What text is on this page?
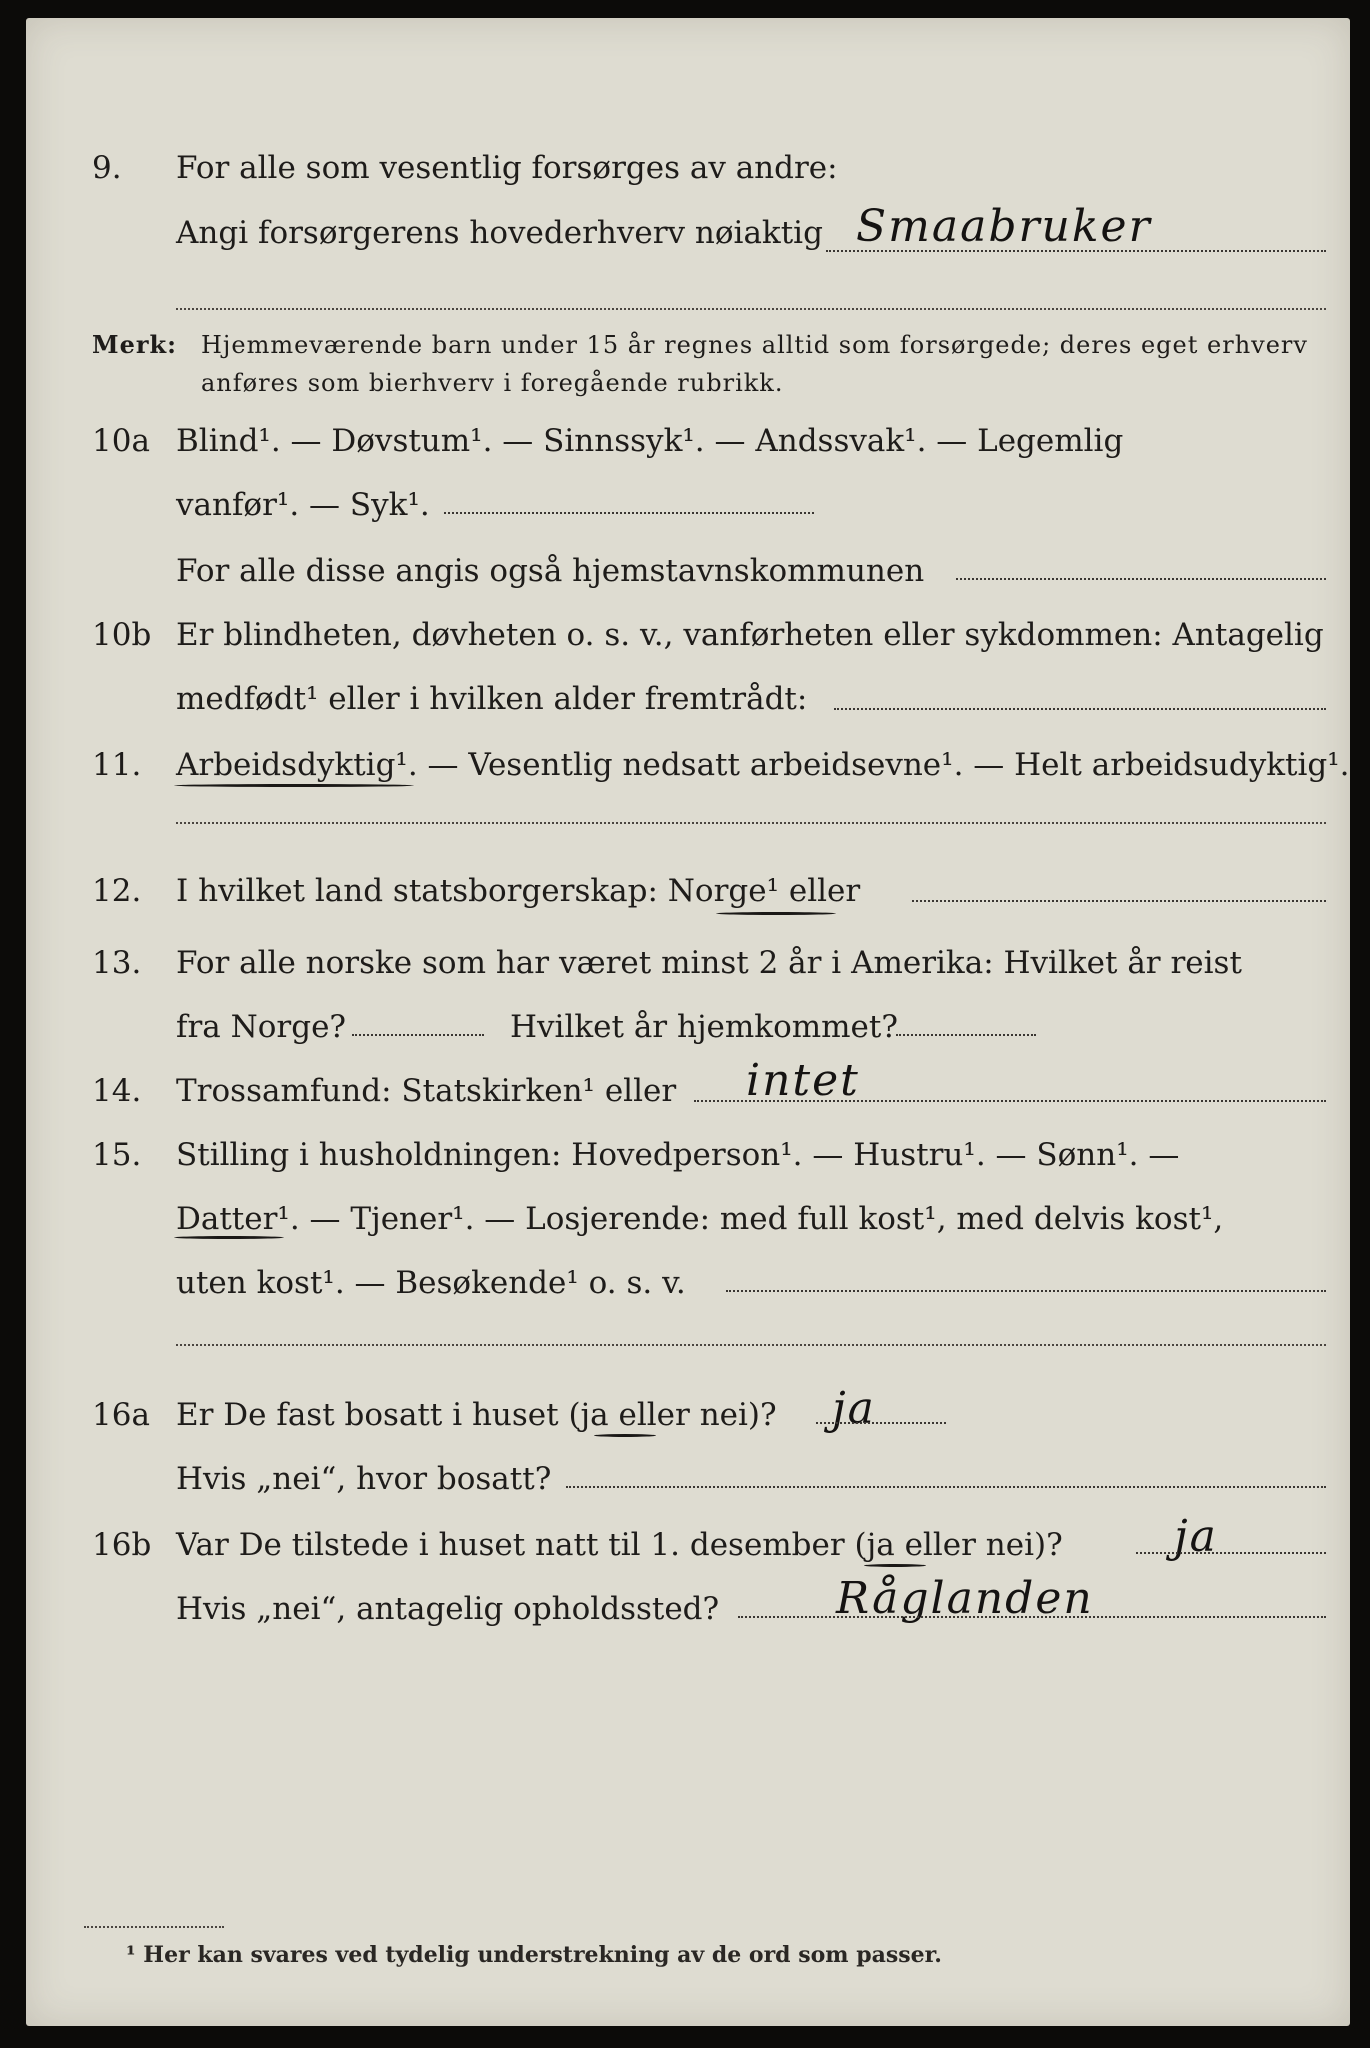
9. For alle som vesentlig forsørges av andre:
Angi forsørgerens hovederhverv nøiaktig Smaabruker
Merk: Hjemmeværende barn under 15 år regnes alltid som forsørgede; deres eget erhverv
anføres som bierhverv i foregående rubrikk.
10a Blind¹. — Døvstum¹. — Sinnssyk¹. — Andssvak¹. — Legemlig
vanfør¹. — Syk¹.
For alle disse angis også hjemstavnskommunen
10b Er blindheten, døvheten o. s. v., vanførheten eller sykdommen: Antagelig
medfødt¹ eller i hvilken alder fremtrådt:
11. Arbeidsdyktig¹. — Vesentlig nedsatt arbeidsevne¹. — Helt arbeidsudyktig¹.
12. I hvilket land statsborgerskap: Norge¹ eller
13. For alle norske som har været minst 2 år i Amerika: Hvilket år reist
fra Norge?	Hvilket år hjemkommet?
14. Trossamfund: Statskirken¹ eller intet
15. Stilling i husholdningen: Hovedperson¹. — Hustru¹. — Sønn¹. —
Datter¹. — Tjener¹. — Losjerende: med full kost¹, med delvis kost¹,
uten kost¹. — Besøkende¹ o. s. v.
16a Er De fast bosatt i huset (ja eller nei)? ja
Hvis „nei“, hvor bosatt?
16b Var De tilstede i huset natt til 1. desember (ja eller nei)?	ja
Hvis „nei“, antagelig opholdssted?	Råglanden
¹ Her kan svares ved tydelig understrekning av de ord som passer.
